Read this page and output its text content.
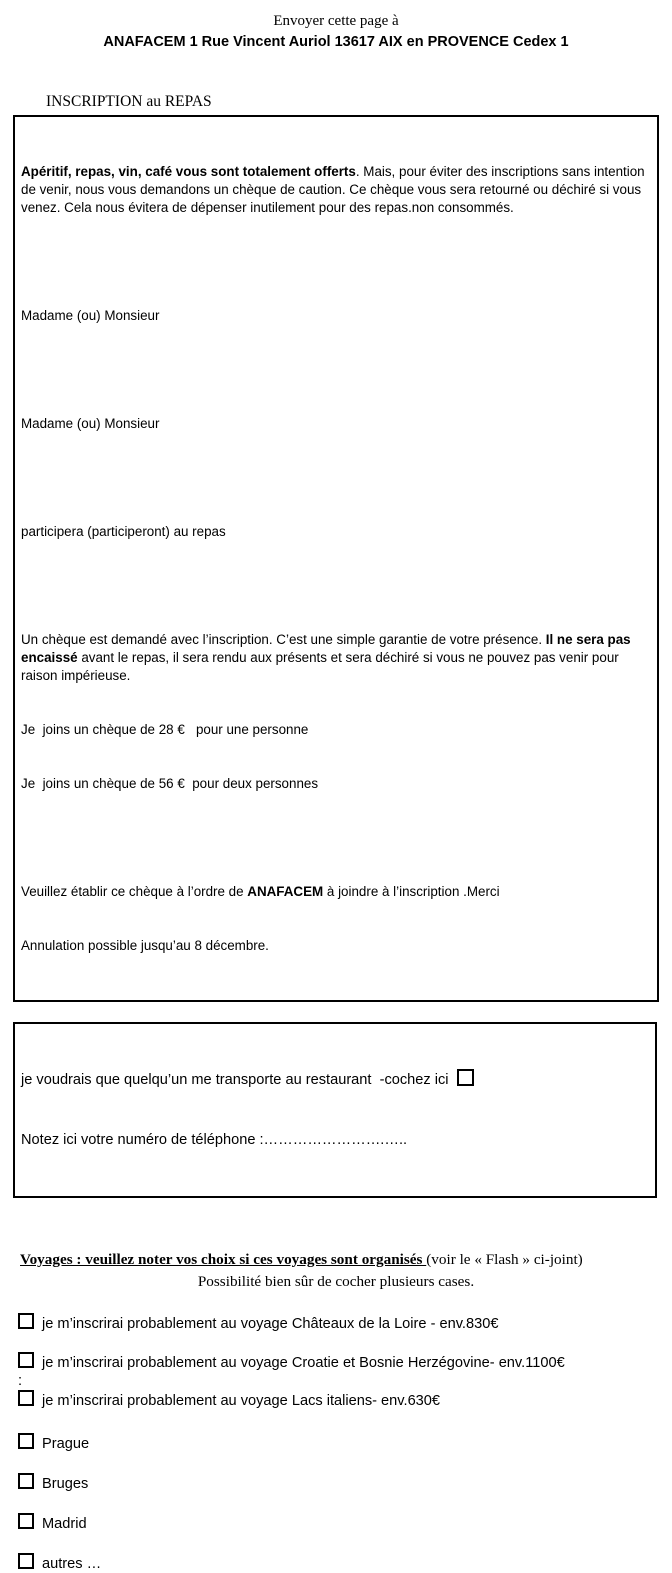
Envoyer cette page à
ANAFACEM 1 Rue Vincent Auriol 13617 AIX en PROVENCE Cedex 1
INSCRIPTION au REPAS

Apéritif, repas, vin, café vous sont totalement offerts. Mais, pour éviter des inscriptions sans intention de venir, nous vous demandons un chèque de caution. Ce chèque vous sera retourné ou déchiré si vous venez. Cela nous évitera de dépenser inutilement pour des repas.non consommés.

Madame (ou) Monsieur

Madame (ou) Monsieur

participera (participeront) au repas

Un chèque est demandé avec l’inscription. C’est une simple garantie de votre présence. Il ne sera pas encaissé avant le repas, il sera rendu aux présents et sera déchiré si vous ne pouvez pas venir pour raison impérieuse.

Je  joins un chèque de 28 €   pour une personne

Je  joins un chèque de 56 €  pour deux personnes

Veuillez établir ce chèque à l’ordre de ANAFACEM à joindre à l’inscription .Merci

Annulation possible jusqu’au 8 décembre.

je voudrais que quelqu’un me transporte au restaurant  -cochez ici

Notez ici votre numéro de téléphone :…………………….…..

Voyages : veuillez noter vos choix si ces voyages sont organisés (voir le « Flash » ci-joint)
Possibilité bien sûr de cocher plusieurs cases.
je m’inscrirai probablement au voyage Châteaux de la Loire - env.830€
je m’inscrirai probablement au voyage Croatie et Bosnie Herzégovine- env.1100€
:
je m’inscrirai probablement au voyage Lacs italiens- env.630€
Prague
Bruges
Madrid
autres …
